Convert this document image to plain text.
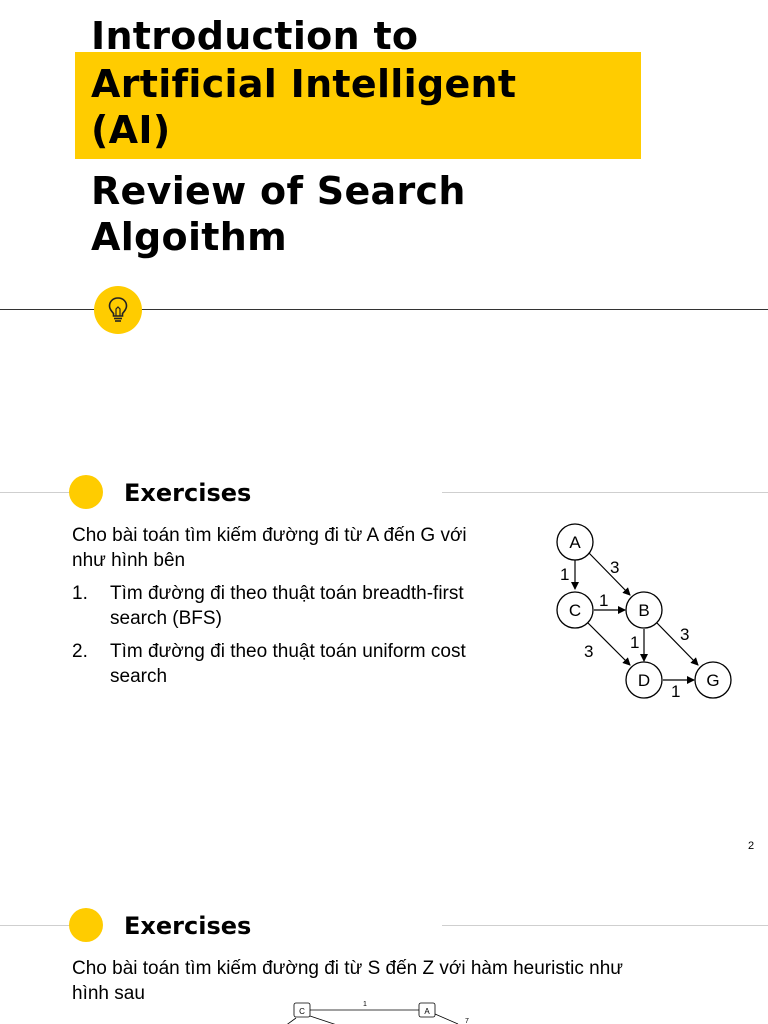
Introduction to
Artificial Intelligent
(AI)
Review of Search
Algoithm
Exercises
Cho bài toán tìm kiếm đường đi từ A đến G với
như hình bên
1. Tìm đường đi theo thuật toán breadth-first
search (BFS)
2. Tìm đường đi theo thuật toán uniform cost
search
1 3
1
3 1 3
1
A
C	B
D	G
2
Exercises
Cho bài toán tìm kiếm đường đi từ S đến Z với hàm heuristic như
hình sau
C	A
1
7
